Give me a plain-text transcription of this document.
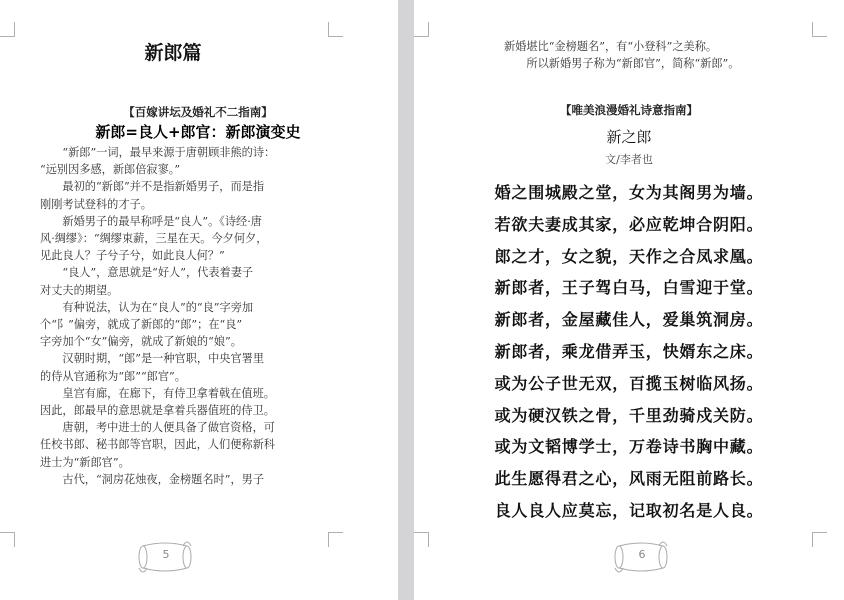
新郎篇
【百嫁讲坛及婚礼不二指南】
新郎=良人+郎官：新郎演变史

“新郎”一词，最早来源于唐朝顾非熊的诗：

“远别因多感，新郎倍寂寥。”

最初的“新郎”并不是指新婚男子，而是指

刚刚考试登科的才子。

新婚男子的最早称呼是“良人”。《诗经·唐

风·绸缪》：“绸缪束薪，三星在天。今夕何夕，

见此良人？子兮子兮，如此良人何？”

“良人”，意思就是“好人”，代表着妻子

对丈夫的期望。

有种说法，认为在“良人”的“良”字旁加

个“阝”偏旁，就成了新郎的“郎”；在“良”

字旁加个“女”偏旁，就成了新娘的“娘”。

汉朝时期，“郎”是一种官职，中央官署里

的侍从官通称为“郎”“郎官”。

皇宫有廊，在廊下，有侍卫拿着戟在值班。

因此，郎最早的意思就是拿着兵器值班的侍卫。

唐朝，考中进士的人便具备了做官资格，可

任校书郎、秘书郎等官职，因此，人们便称新科

进士为“新郎官”。

古代，“洞房花烛夜，金榜题名时”，男子

5

新婚堪比“金榜题名”，有“小登科”之美称。

所以新婚男子称为“新郎官”，简称“新郎”。

【唯美浪漫婚礼诗意指南】
新之郎
文/李者也
婚之围城殿之堂，女为其阁男为墙。
若欲夫妻成其家，必应乾坤合阴阳。
郎之才，女之貌，天作之合凤求凰。
新郎者，王子驾白马，白雪迎于堂。
新郎者，金屋藏佳人，爱巢筑洞房。
新郎者，乘龙借弄玉，快婿东之床。
或为公子世无双，百揽玉树临风扬。
或为硬汉铁之骨，千里劲骑戍关防。
或为文韬博学士，万卷诗书胸中藏。
此生愿得君之心，风雨无阻前路长。
良人良人应莫忘，记取初名是人良。
6
